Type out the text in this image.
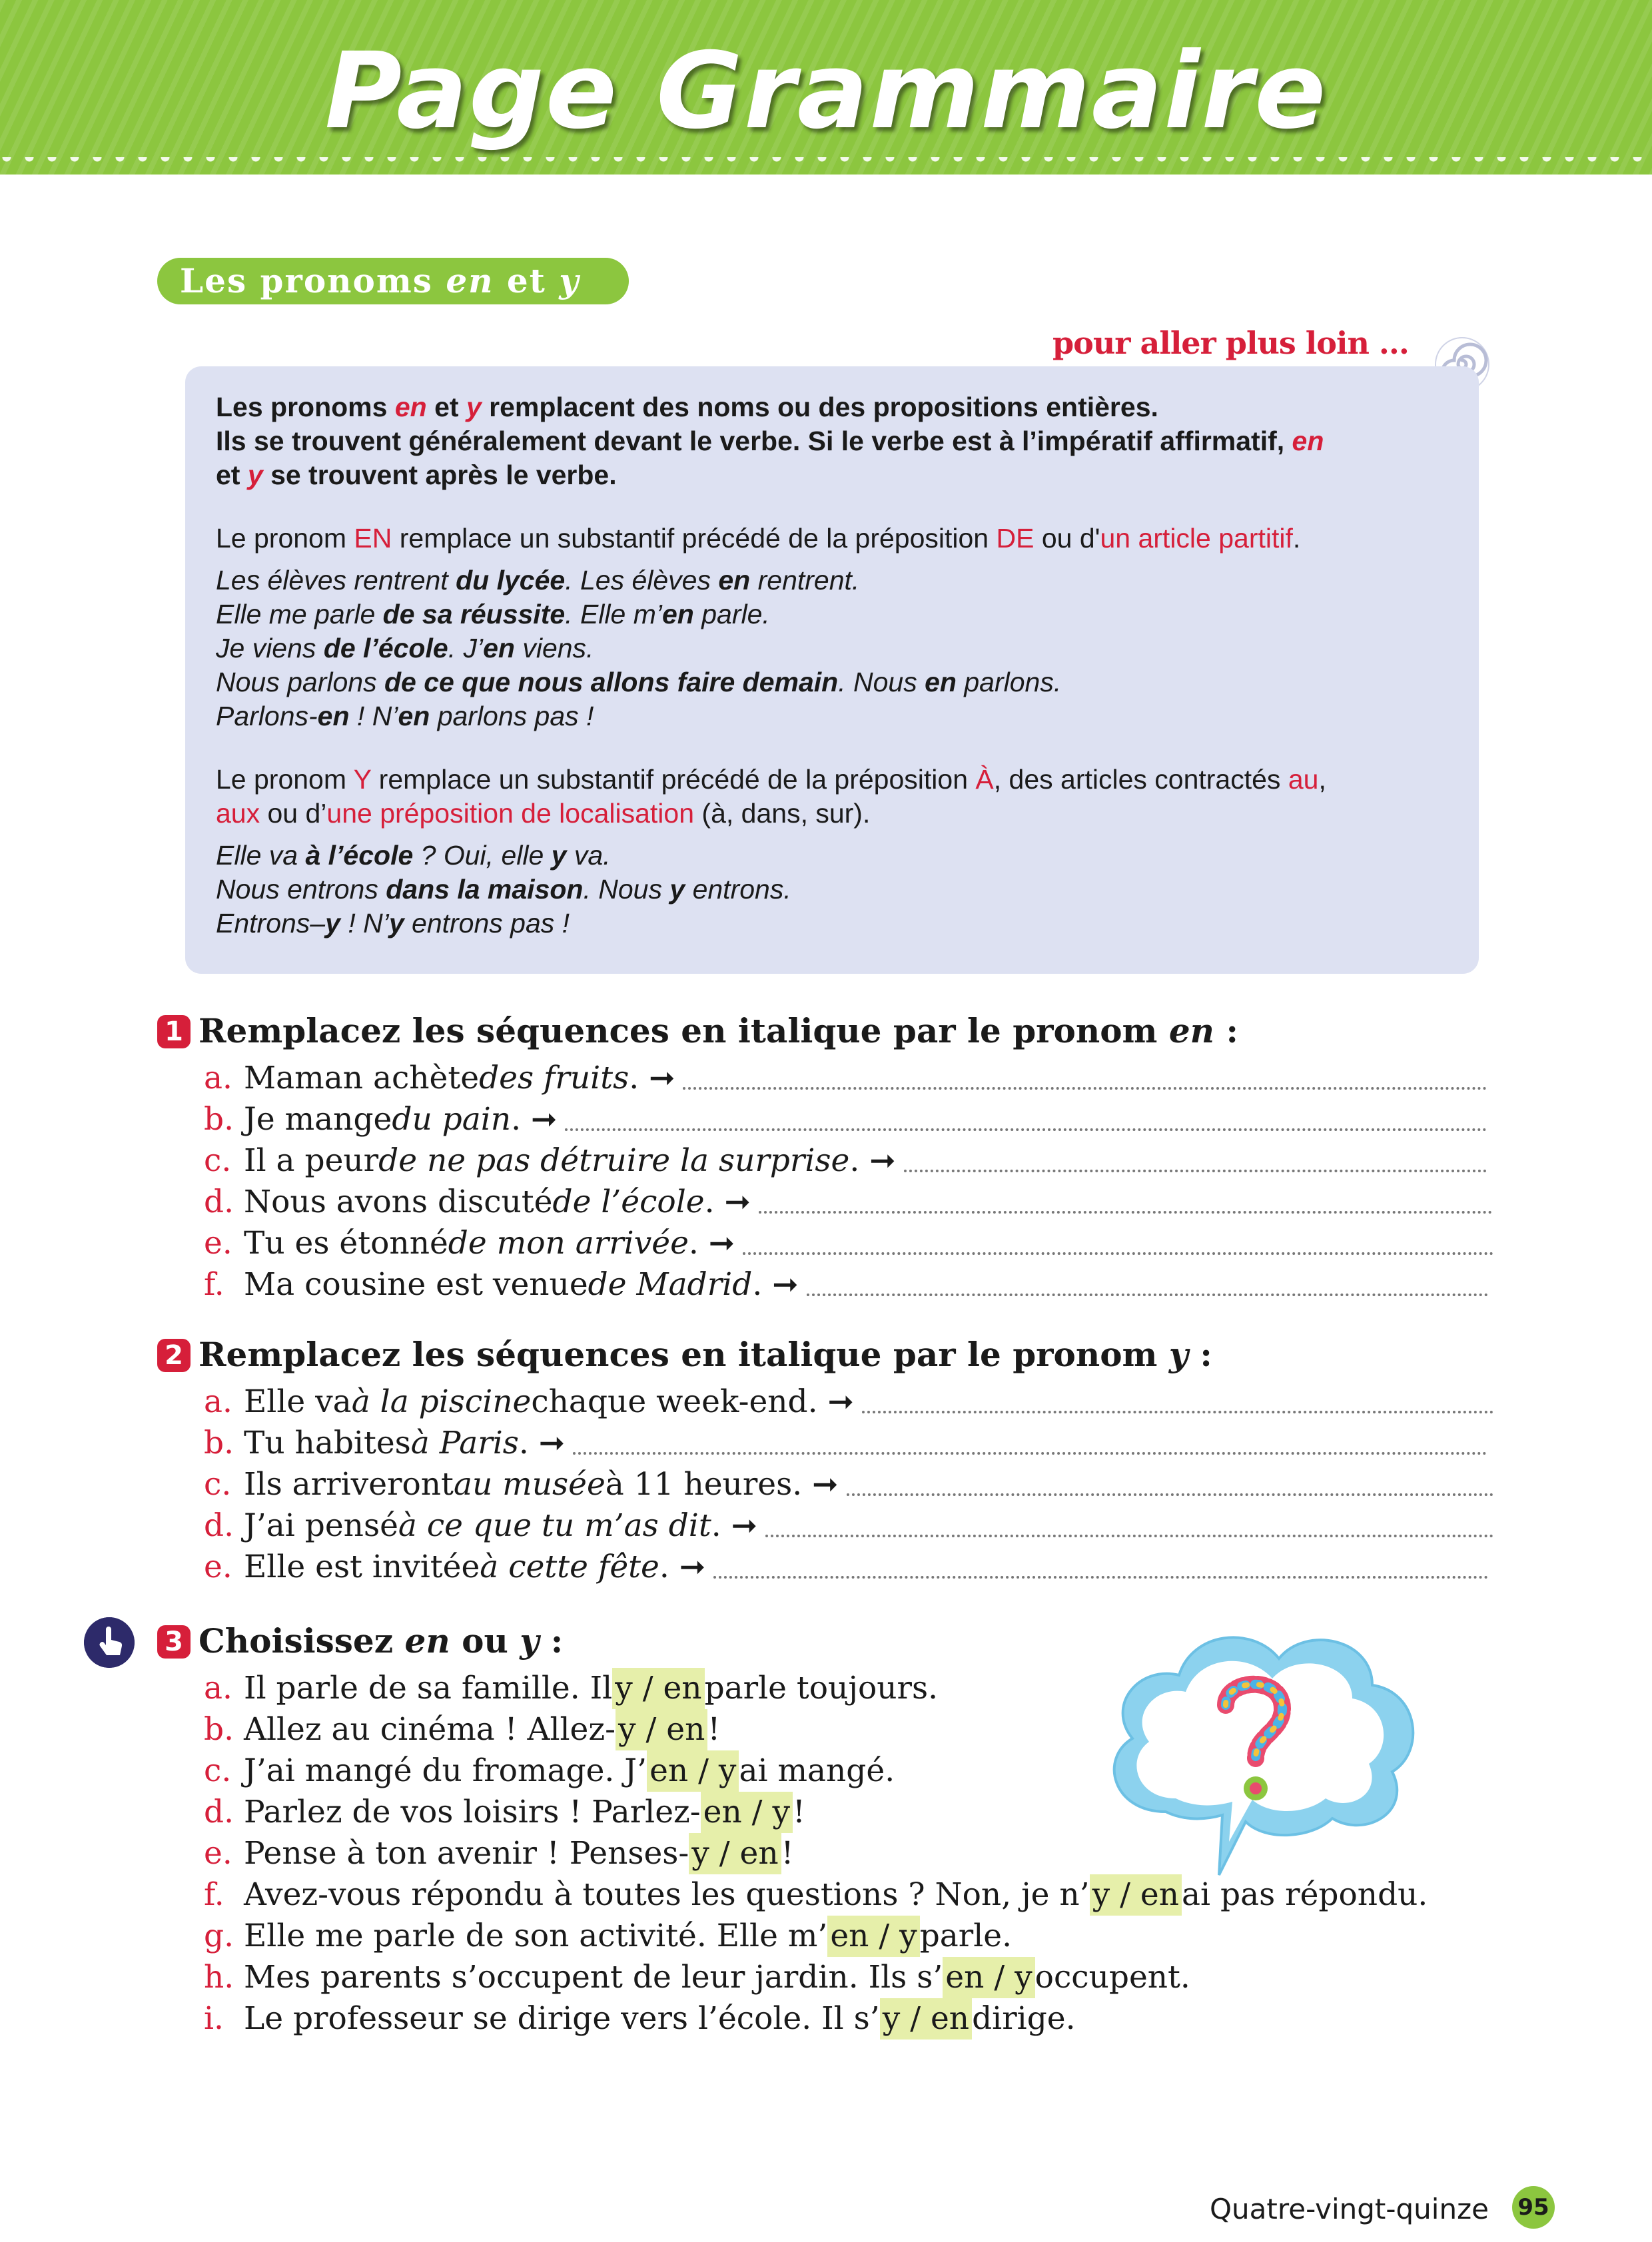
Page Grammaire
Les pronoms en et y
pour aller plus loin …

Les pronoms en et y remplacent des noms ou des propositions entières.

Ils se trouvent généralement devant le verbe. Si le verbe est à l’impératif affirmatif, en

et y se trouvent après le verbe.

Le pronom EN remplace un substantif précédé de la préposition DE ou d'un article partitif.

Les élèves rentrent du lycée. Les élèves en rentrent.

Elle me parle de sa réussite. Elle m’en parle.

Je viens de l’école. J’en viens.

Nous parlons de ce que nous allons faire demain. Nous en parlons.

Parlons-en ! N’en parlons pas !

Le pronom Y remplace un substantif précédé de la préposition À, des articles contractés au,

aux ou d’une préposition de localisation (à, dans, sur).

Elle va à l’école ? Oui, elle y va.

Nous entrons dans la maison. Nous y entrons.

Entrons–y ! N’y entrons pas !

1 Remplacez les séquences en italique par le pronom en :
a. Maman achète des fruits . ➞
b. Je mange du pain . ➞
c. Il a peur de ne pas détruire la surprise . ➞
d. Nous avons discuté de l’école . ➞
e. Tu es étonné de mon arrivée . ➞
f. Ma cousine est venue de Madrid . ➞
2 Remplacez les séquences en italique par le pronom y :
a. Elle va à la piscine chaque week-end. ➞
b. Tu habites à Paris . ➞
c. Ils arriveront au musée à 11 heures. ➞
d. J’ai pensé à ce que tu m’as dit . ➞
e. Elle est invitée à cette fête . ➞
3 Choisissez en ou y :
a. Il parle de sa famille. Il y / en parle toujours.
b. Allez au cinéma ! Allez- y / en !
c. J’ai mangé du fromage. J’ en / y ai mangé.
d. Parlez de vos loisirs ! Parlez- en / y !
e. Pense à ton avenir ! Penses- y / en !
f. Avez-vous répondu à toutes les questions ? Non, je n’ y / en ai pas répondu.
g. Elle me parle de son activité. Elle m’ en / y parle.
h. Mes parents s’occupent de leur jardin. Ils s’ en / y occupent.
i. Le professeur se dirige vers l’école. Il s’ y / en dirige.
Quatre-vingt-quinze 95
